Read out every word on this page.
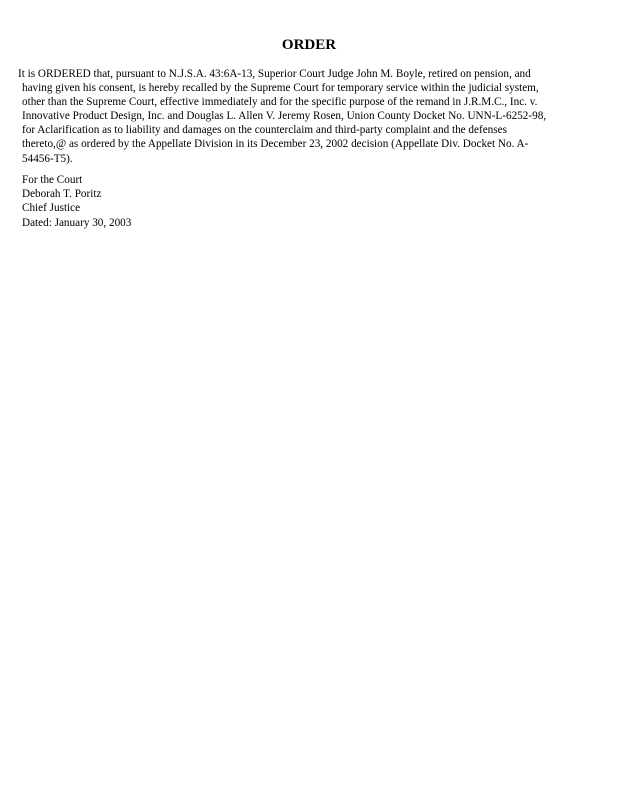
ORDER
It is ORDERED that, pursuant to N.J.S.A. 43:6A-13, Superior Court Judge John M. Boyle, retired on pension, and
having given his consent, is hereby recalled by the Supreme Court for temporary service within the judicial system,
other than the Supreme Court, effective immediately and for the specific purpose of the remand in J.R.M.C., Inc. v.
Innovative Product Design, Inc. and Douglas L. Allen V. Jeremy Rosen, Union County Docket No. UNN-L-6252-98,
for Aclarification as to liability and damages on the counterclaim and third-party complaint and the defenses
thereto,@ as ordered by the Appellate Division in its December 23, 2002 decision (Appellate Div. Docket No. A-
54456-T5).
For the Court
Deborah T. Poritz
Chief Justice
Dated: January 30, 2003
